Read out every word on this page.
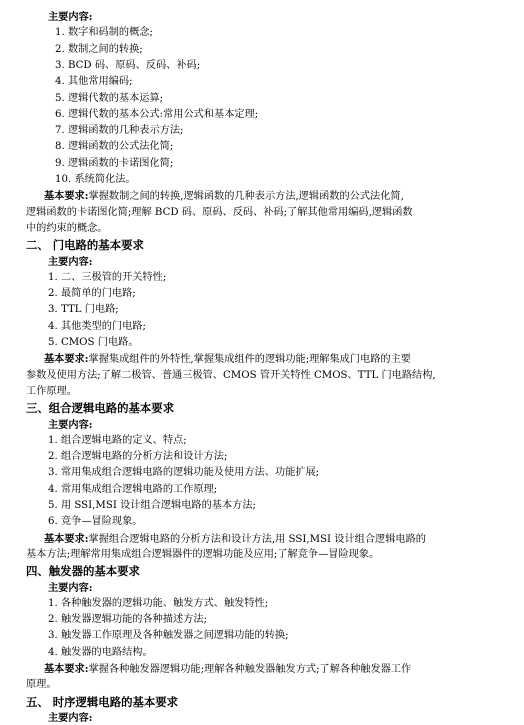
主要内容:
1. 数字和码制的概念;
2. 数制之间的转换;
3. BCD 码、原码、反码、补码;
4. 其他常用编码;
5. 逻辑代数的基本运算;
6. 逻辑代数的基本公式:常用公式和基本定理;
7. 逻辑函数的几种表示方法;
8. 逻辑函数的公式法化简;
9. 逻辑函数的卡诺图化简;
10. 系统简化法。
基本要求:掌握数制之间的转换,逻辑函数的几种表示方法,逻辑函数的公式法化简,
逻辑函数的卡诺图化简;理解 BCD 码、原码、反码、补码;了解其他常用编码,逻辑函数
中的约束的概念。
二、 门电路的基本要求
主要内容:
1. 二、三极管的开关特性;
2. 最简单的门电路;
3. TTL 门电路;
4. 其他类型的门电路;
5. CMOS 门电路。
基本要求:掌握集成组件的外特性,掌握集成组件的逻辑功能;理解集成门电路的主要
参数及使用方法;了解二极管、普通三极管、CMOS 管开关特性 CMOS、TTL 门电路结构,
工作原理。
三、组合逻辑电路的基本要求
主要内容:
1. 组合逻辑电路的定义、特点;
2. 组合逻辑电路的分析方法和设计方法;
3. 常用集成组合逻辑电路的逻辑功能及使用方法、功能扩展;
4. 常用集成组合逻辑电路的工作原理;
5. 用 SSI,MSI 设计组合逻辑电路的基本方法;
6. 竞争—冒险现象。
基本要求:掌握组合逻辑电路的分析方法和设计方法,用 SSI,MSI 设计组合逻辑电路的
基本方法;理解常用集成组合逻辑器件的逻辑功能及应用;了解竞争—冒险现象。
四、触发器的基本要求
主要内容:
1. 各种触发器的逻辑功能、触发方式、触发特性;
2. 触发器逻辑功能的各种描述方法;
3. 触发器工作原理及各种触发器之间逻辑功能的转换;
4. 触发器的电路结构。
基本要求:掌握各种触发器逻辑功能;理解各种触发器触发方式;了解各种触发器工作
原理。
五、 时序逻辑电路的基本要求
主要内容:
